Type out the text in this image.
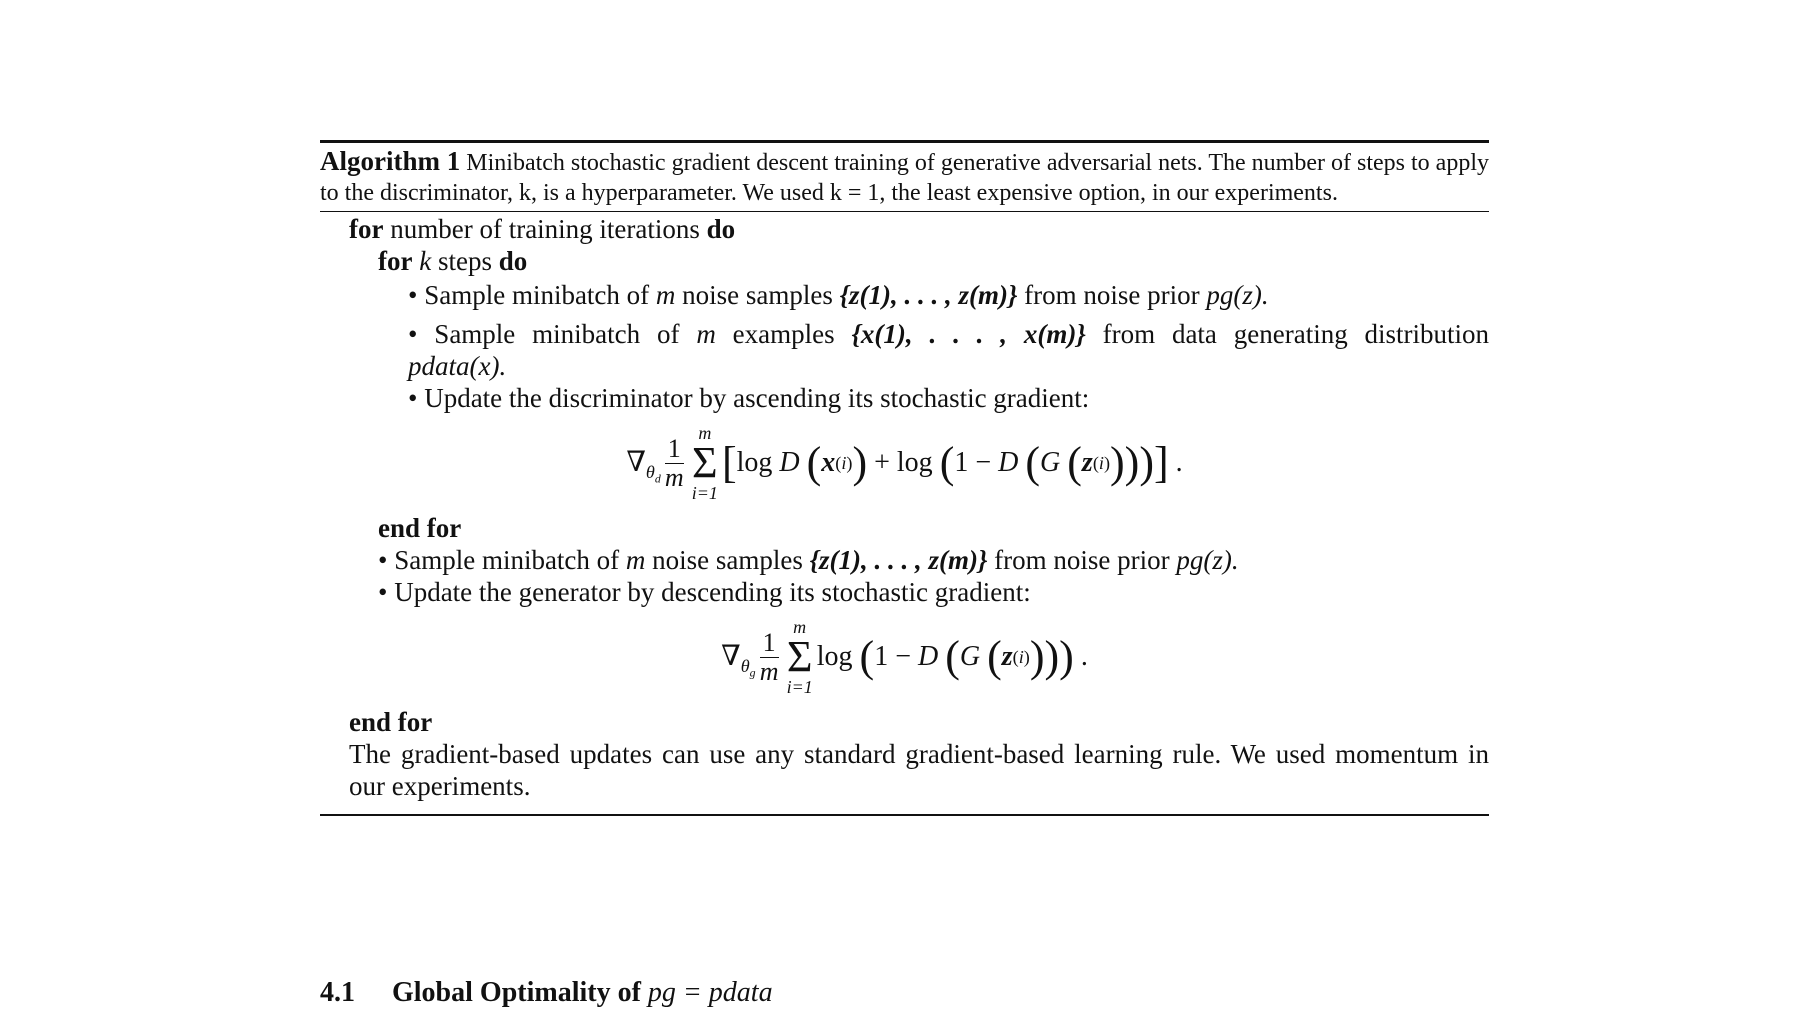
Algorithm 1 Minibatch stochastic gradient descent training of generative adversarial nets. The number of steps to apply to the discriminator, k, is a hyperparameter. We used k = 1, the least expensive option, in our experiments.
for number of training iterations do
for k steps do
• Sample minibatch of m noise samples {z(1), . . . , z(m)} from noise prior pg(z).
• Sample minibatch of m examples {x(1), . . . , x(m)} from data generating distribution
pdata(x).
• Update the discriminator by ascending its stochastic gradient:
$\nabla_{\theta_d} \frac{1}{m}$
m
Σ
i=1
[ log D
( x (i) ) + log ( 1 − D
( G
( z (i) )))] .
end for
• Sample minibatch of m noise samples {z(1), . . . , z(m)} from noise prior pg(z).
• Update the generator by descending its stochastic gradient:
$\nabla_{\theta_g} \frac{1}{m}$
m
Σ
i=1
log ( 1 − D
( G
( z (i) ))) .
end for
The gradient-based updates can use any standard gradient-based learning rule. We used momentum in our experiments.
4.1 Global Optimality of pg = pdata
